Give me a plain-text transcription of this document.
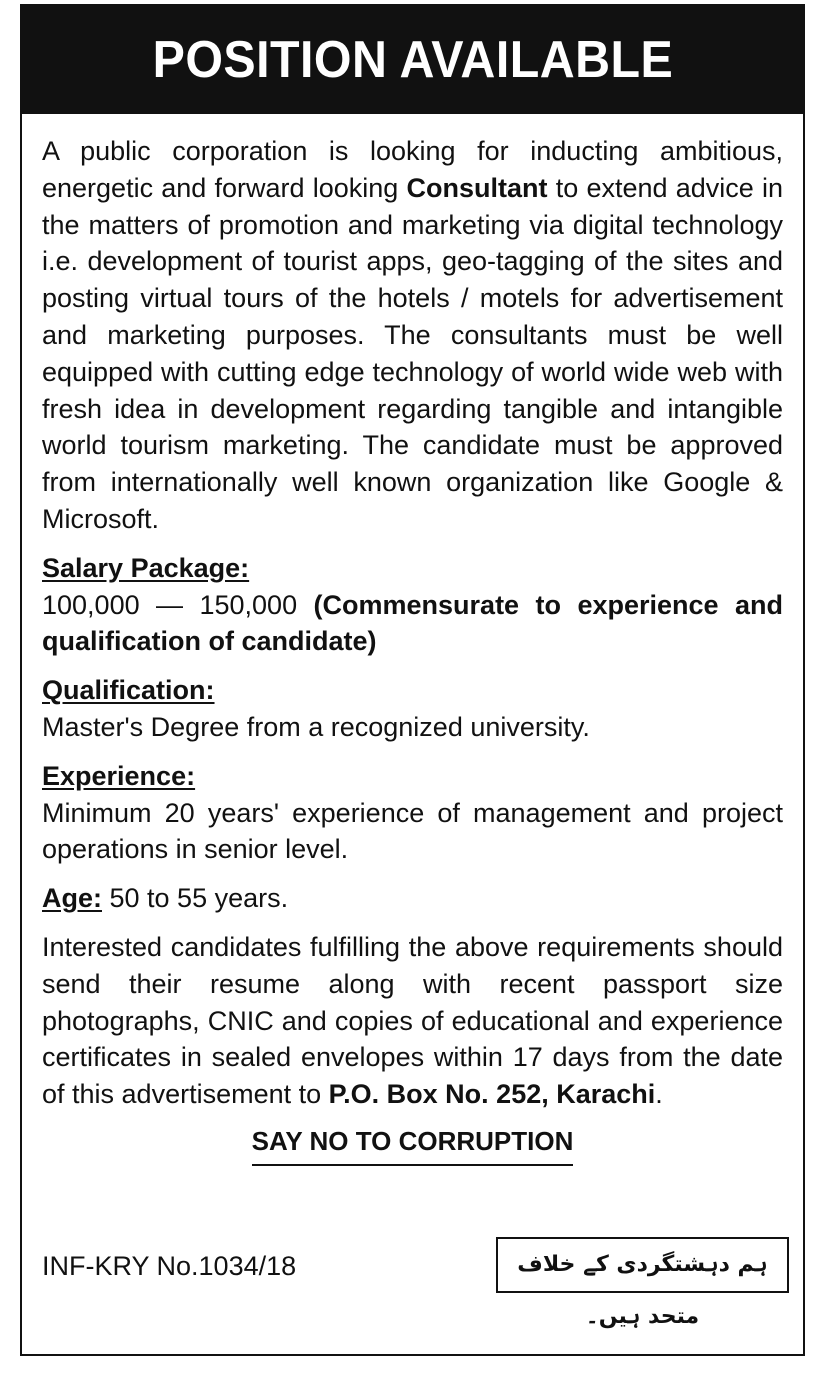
POSITION AVAILABLE

A public corporation is looking for inducting ambitious, energetic and forward looking Consultant to extend advice in the matters of promotion and marketing via digital technology i.e. development of tourist apps, geo-tagging of the sites and posting virtual tours of the hotels / motels for advertisement and marketing purposes. The consultants must be well equipped with cutting edge technology of world wide web with fresh idea in development regarding tangible and intangible world tourism marketing. The candidate must be approved from internationally well known organization like Google & Microsoft.

Salary Package:
100,000 — 150,000 (Commensurate to experience and qualification of candidate)
Qualification:
Master's Degree from a recognized university.
Experience:
Minimum 20 years' experience of management and project operations in senior level.
Age: 50 to 55 years.

Interested candidates fulfilling the above requirements should send their resume along with recent passport size photographs, CNIC and copies of educational and experience certificates in sealed envelopes within 17 days from the date of this advertisement to P.O. Box No. 252, Karachi.

SAY NO TO CORRUPTION
INF-KRY No.1034/18	ہم دہشتگردی کے خلاف متحد ہیں۔
